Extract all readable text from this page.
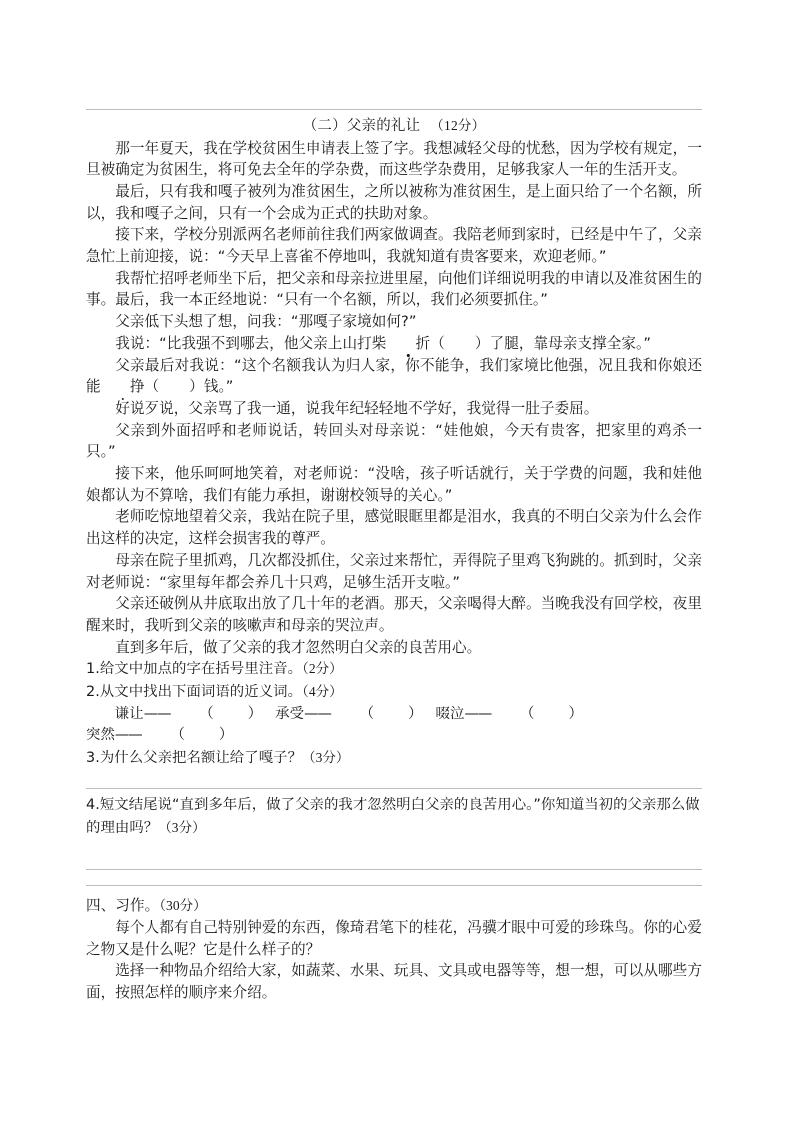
（二）父亲的礼让 （12分）

那一年夏天，我在学校贫困生申请表上签了字。我想减轻父母的忧愁，因为学校有规定，一旦被确定为贫困生，将可免去全年的学杂费，而这些学杂费用，足够我家人一年的生活开支。

最后，只有我和嘎子被列为准贫困生，之所以被称为准贫困生，是上面只给了一个名额，所以，我和嘎子之间，只有一个会成为正式的扶助对象。

接下来，学校分别派两名老师前往我们两家做调查。我陪老师到家时，已经是中午了，父亲急忙上前迎接，说：“今天早上喜雀不停地叫，我就知道有贵客要来，欢迎老师。”

我帮忙招呼老师坐下后，把父亲和母亲拉进里屋，向他们详细说明我的申请以及准贫困生的事。最后，我一本正经地说：“只有一个名额，所以，我们必须要抓住。”

父亲低下头想了想，问我：“那嘎子家境如何?”

我说：“比我强不到哪去，他父亲上山打柴 折（ ）了腿，靠母亲支撑全家。”

父亲最后对我说：“这个名额我认为归人家，你不能争，我们家境比他强，况且我和你娘还能 挣（ ）钱。”

好说歹说，父亲骂了我一通，说我年纪轻轻地不学好，我觉得一肚子委屈。

父亲到外面招呼和老师说话，转回头对母亲说：“娃他娘，今天有贵客，把家里的鸡杀一只。”

接下来，他乐呵呵地笑着，对老师说：“没啥，孩子听话就行，关于学费的问题，我和娃他娘都认为不算啥，我们有能力承担，谢谢校领导的关心。”

老师吃惊地望着父亲，我站在院子里，感觉眼眶里都是泪水，我真的不明白父亲为什么会作出这样的决定，这样会损害我的尊严。

母亲在院子里抓鸡，几次都没抓住，父亲过来帮忙，弄得院子里鸡飞狗跳的。抓到时，父亲对老师说：“家里每年都会养几十只鸡，足够生活开支啦。”

父亲还破例从井底取出放了几十年的老酒。那天，父亲喝得大醉。当晚我没有回学校，夜里醒来时，我听到父亲的咳嗽声和母亲的哭泣声。

直到多年后，做了父亲的我才忽然明白父亲的良苦用心。

1.给文中加点的字在括号里注音。（2分）

2.从文中找出下面词语的近义词。（4分）

谦让—— （ ） 承受—— （ ） 啜泣—— （ ）突然—— （ ）

3.为什么父亲把名额让给了嘎子？（3分）

4.短文结尾说“直到多年后，做了父亲的我才忽然明白父亲的良苦用心。”你知道当初的父亲那么做的理由吗？（3分）

四、习作。（30分）

每个人都有自己特别钟爱的东西，像琦君笔下的桂花，冯骥才眼中可爱的珍珠鸟。你的心爱之物又是什么呢？它是什么样子的？

选择一种物品介绍给大家，如蔬菜、水果、玩具、文具或电器等等，想一想，可以从哪些方面，按照怎样的顺序来介绍。
